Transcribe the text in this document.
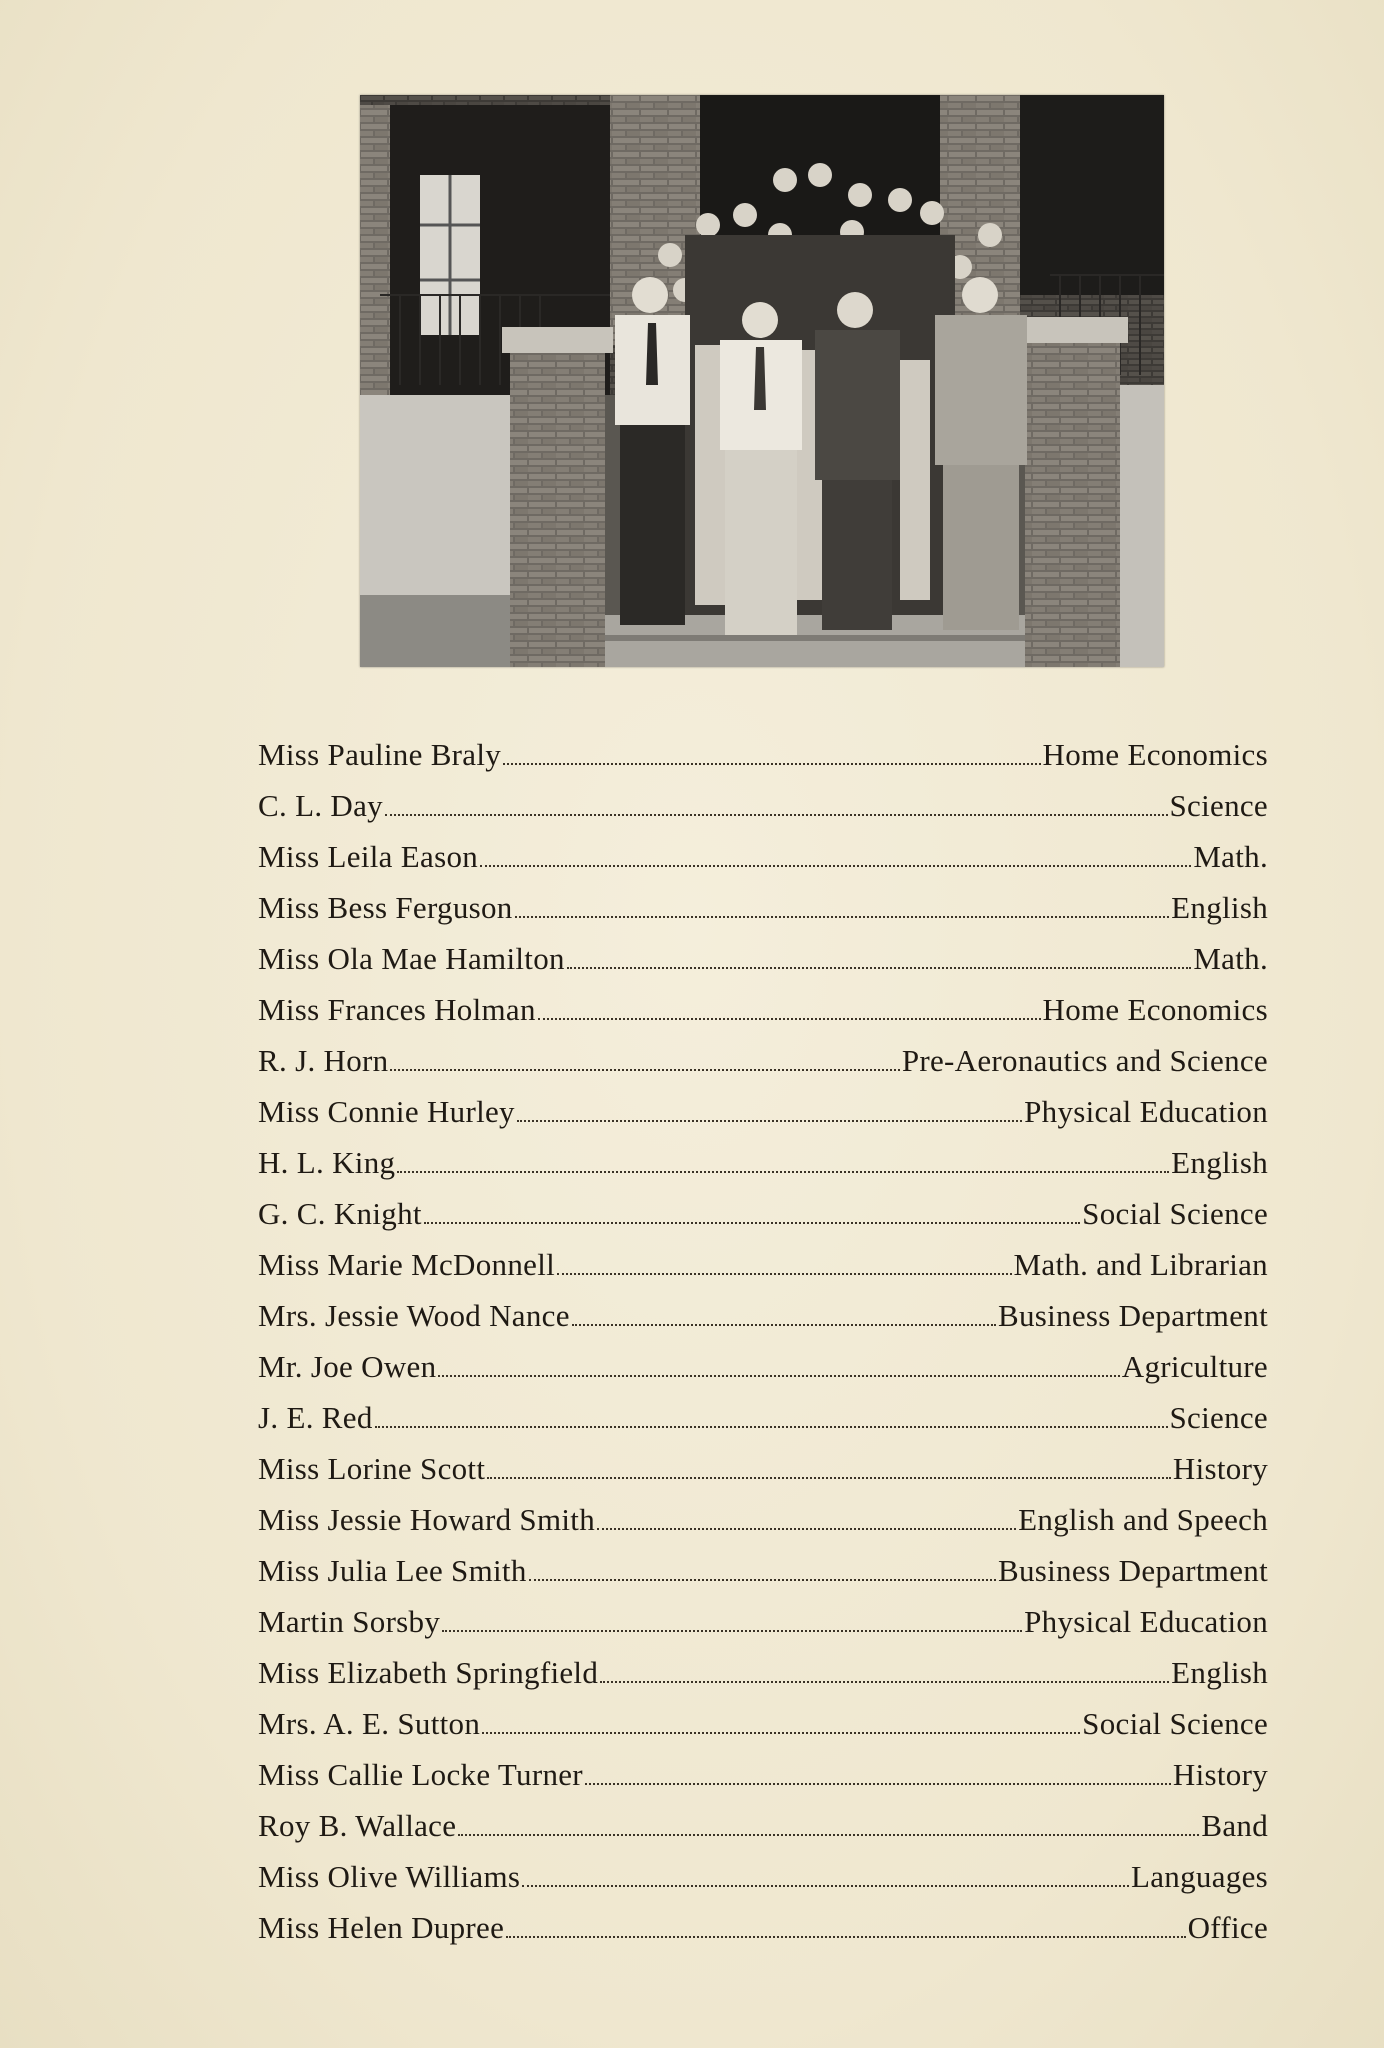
Miss Pauline Braly	Home Economics
C. L. Day	Science
Miss Leila Eason	Math.
Miss Bess Ferguson	English
Miss Ola Mae Hamilton	Math.
Miss Frances Holman	Home Economics
R. J. Horn	Pre-Aeronautics and Science
Miss Connie Hurley	Physical Education
H. L. King	English
G. C. Knight	Social Science
Miss Marie McDonnell	Math. and Librarian
Mrs. Jessie Wood Nance	Business Department
Mr. Joe Owen	Agriculture
J. E. Red	Science
Miss Lorine Scott	History
Miss Jessie Howard Smith	English and Speech
Miss Julia Lee Smith	Business Department
Martin Sorsby	Physical Education
Miss Elizabeth Springfield	English
Mrs. A. E. Sutton	Social Science
Miss Callie Locke Turner	History
Roy B. Wallace	Band
Miss Olive Williams	Languages
Miss Helen Dupree	Office
